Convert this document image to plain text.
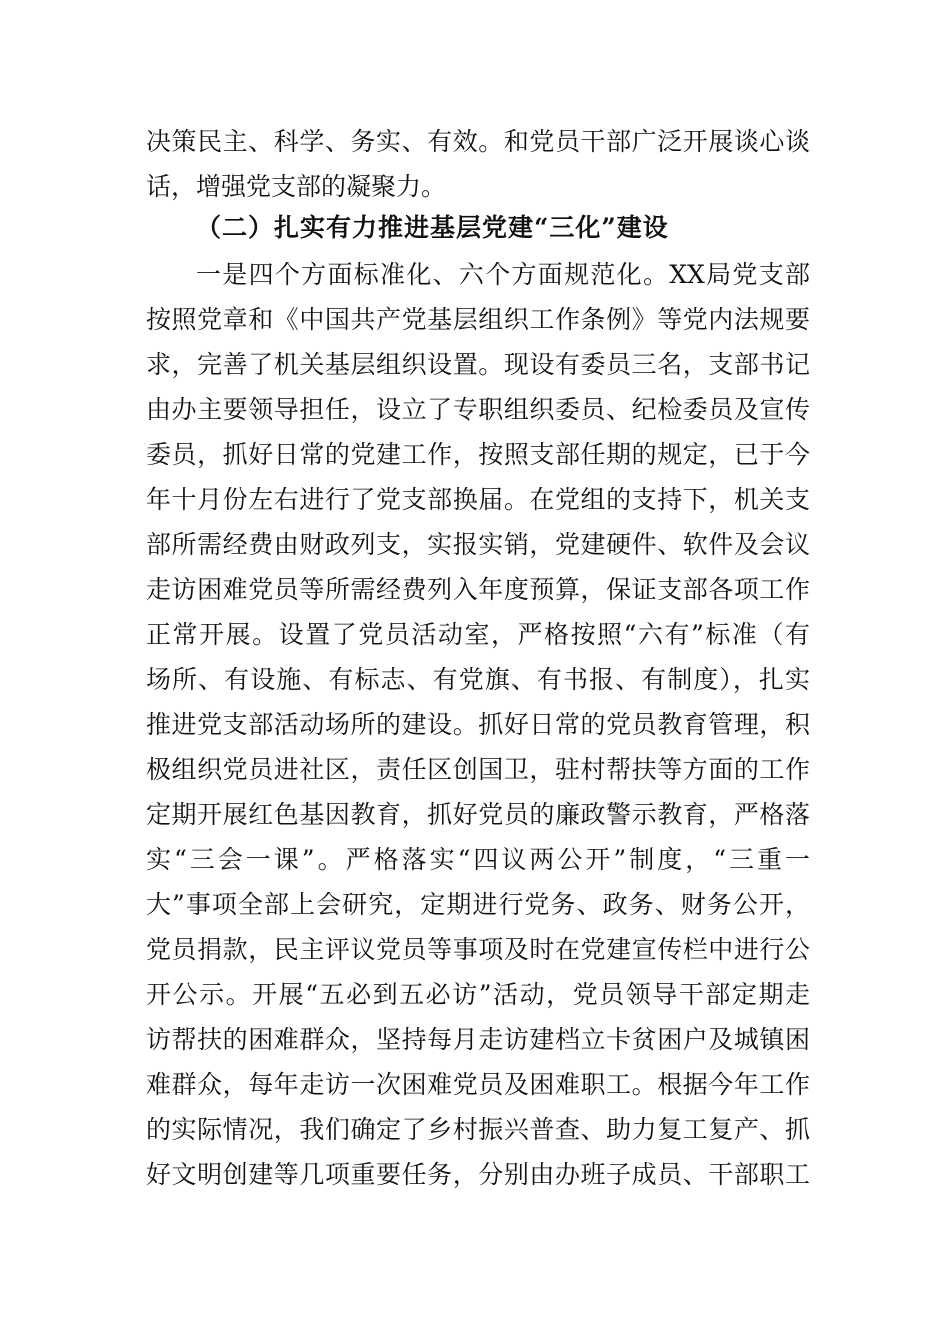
决策民主、科学、务实、有效。和党员干部广泛开展谈心谈
话，增强党支部的凝聚力。
（二）扎实有力推进基层党建“三化”建设
一是四个方面标准化、六个方面规范化。XX局党支部
按照党章和《中国共产党基层组织工作条例》等党内法规要
求，完善了机关基层组织设置。现设有委员三名，支部书记
由办主要领导担任，设立了专职组织委员、纪检委员及宣传
委员，抓好日常的党建工作，按照支部任期的规定，已于今
年十月份左右进行了党支部换届。在党组的支持下，机关支
部所需经费由财政列支，实报实销，党建硬件、软件及会议
走访困难党员等所需经费列入年度预算，保证支部各项工作
正常开展。设置了党员活动室，严格按照“六有”标准（有
场所、有设施、有标志、有党旗、有书报、有制度），扎实
推进党支部活动场所的建设。抓好日常的党员教育管理，积
极组织党员进社区，责任区创国卫，驻村帮扶等方面的工作
定期开展红色基因教育，抓好党员的廉政警示教育，严格落
实“三会一课”。严格落实“四议两公开”制度，“三重一
大”事项全部上会研究，定期进行党务、政务、财务公开，
党员捐款，民主评议党员等事项及时在党建宣传栏中进行公
开公示。开展“五必到五必访”活动，党员领导干部定期走
访帮扶的困难群众，坚持每月走访建档立卡贫困户及城镇困
难群众，每年走访一次困难党员及困难职工。根据今年工作
的实际情况，我们确定了乡村振兴普查、助力复工复产、抓
好文明创建等几项重要任务，分别由办班子成员、干部职工
